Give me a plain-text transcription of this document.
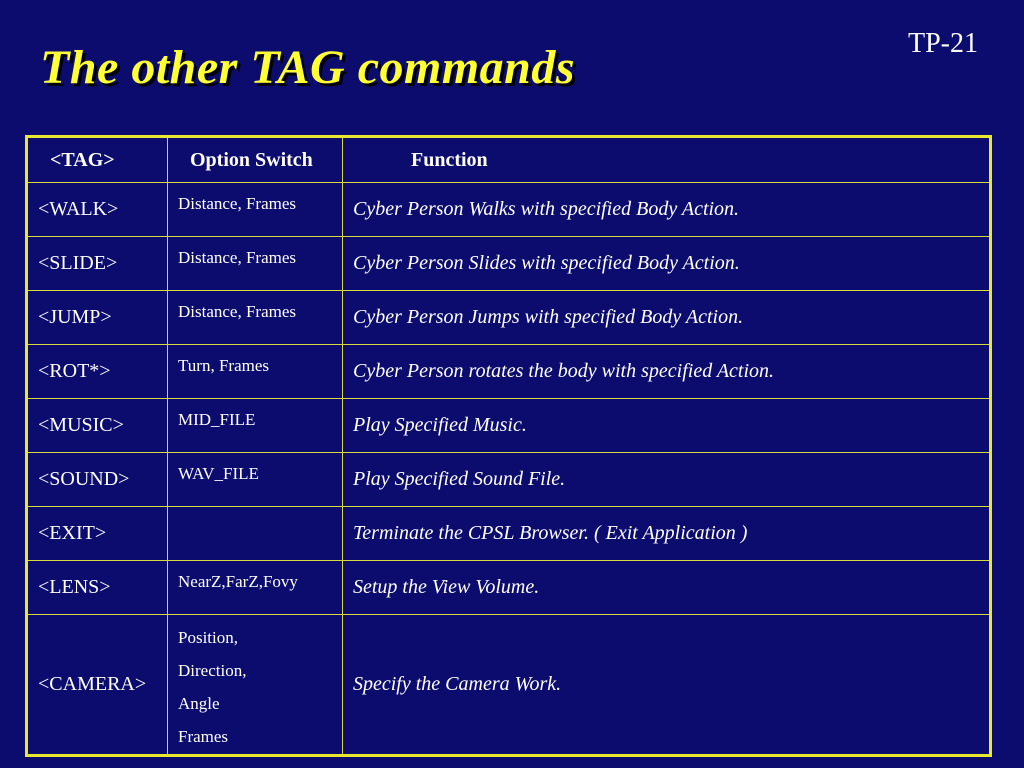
TP-21
The other TAG commands
<TAG>	Option Switch	Function
<WALK>	Distance, Frames	Cyber Person Walks with specified Body Action.
<SLIDE>	Distance, Frames	Cyber Person Slides with specified Body Action.
<JUMP>	Distance, Frames	Cyber Person Jumps with specified Body Action.
<ROT*>	Turn, Frames	Cyber Person rotates the body with specified Action.
<MUSIC>	MID_FILE	Play Specified Music.
<SOUND>	WAV_FILE	Play Specified Sound File.
<EXIT>		Terminate the CPSL Browser. ( Exit Application )
<LENS>	NearZ,FarZ,Fovy	Setup the View Volume.
<CAMERA>	Position,
Direction,
Angle
Frames	Specify the Camera Work.
